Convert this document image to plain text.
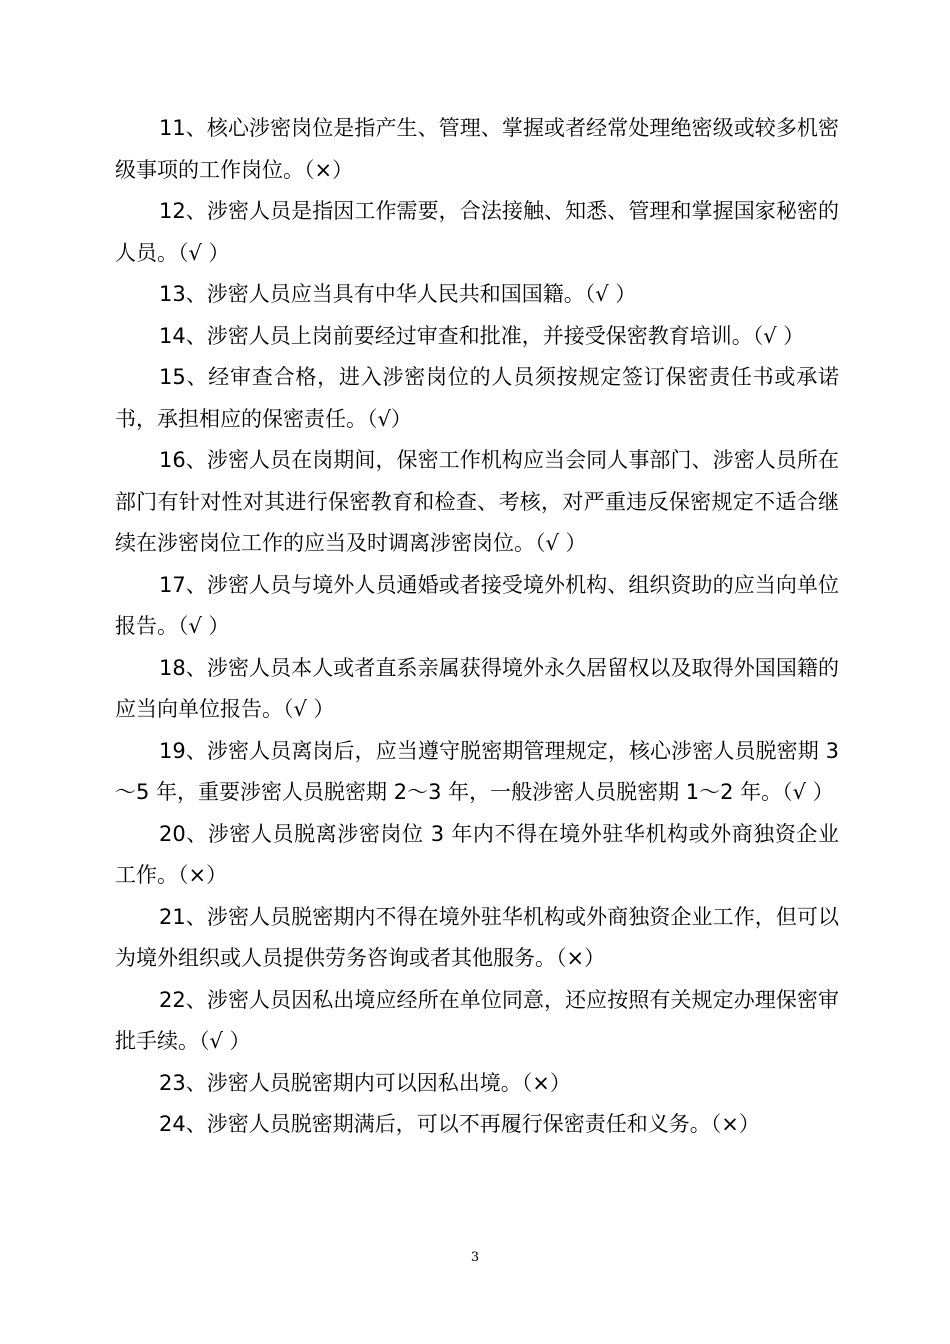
11、核心涉密岗位是指产生、管理、掌握或者经常处理绝密级或较多机密级事项的工作岗位。（×）

12、涉密人员是指因工作需要，合法接触、知悉、管理和掌握国家秘密的人员。（√ ）

13、涉密人员应当具有中华人民共和国国籍。（√ ）

14、涉密人员上岗前要经过审查和批准，并接受保密教育培训。（√ ）

15、经审查合格，进入涉密岗位的人员须按规定签订保密责任书或承诺书，承担相应的保密责任。（√）

16、涉密人员在岗期间，保密工作机构应当会同人事部门、涉密人员所在部门有针对性对其进行保密教育和检查、考核，对严重违反保密规定不适合继续在涉密岗位工作的应当及时调离涉密岗位。（√ ）

17、涉密人员与境外人员通婚或者接受境外机构、组织资助的应当向单位报告。（√ ）

18、涉密人员本人或者直系亲属获得境外永久居留权以及取得外国国籍的应当向单位报告。（√ ）

19、涉密人员离岗后，应当遵守脱密期管理规定，核心涉密人员脱密期 3～5 年，重要涉密人员脱密期 2～3 年，一般涉密人员脱密期 1～2 年。（√ ）

20、涉密人员脱离涉密岗位 3 年内不得在境外驻华机构或外商独资企业工作。（×）

21、涉密人员脱密期内不得在境外驻华机构或外商独资企业工作，但可以为境外组织或人员提供劳务咨询或者其他服务。（×）

22、涉密人员因私出境应经所在单位同意，还应按照有关规定办理保密审批手续。（√ ）

23、涉密人员脱密期内可以因私出境。（×）

24、涉密人员脱密期满后，可以不再履行保密责任和义务。（×）

3
